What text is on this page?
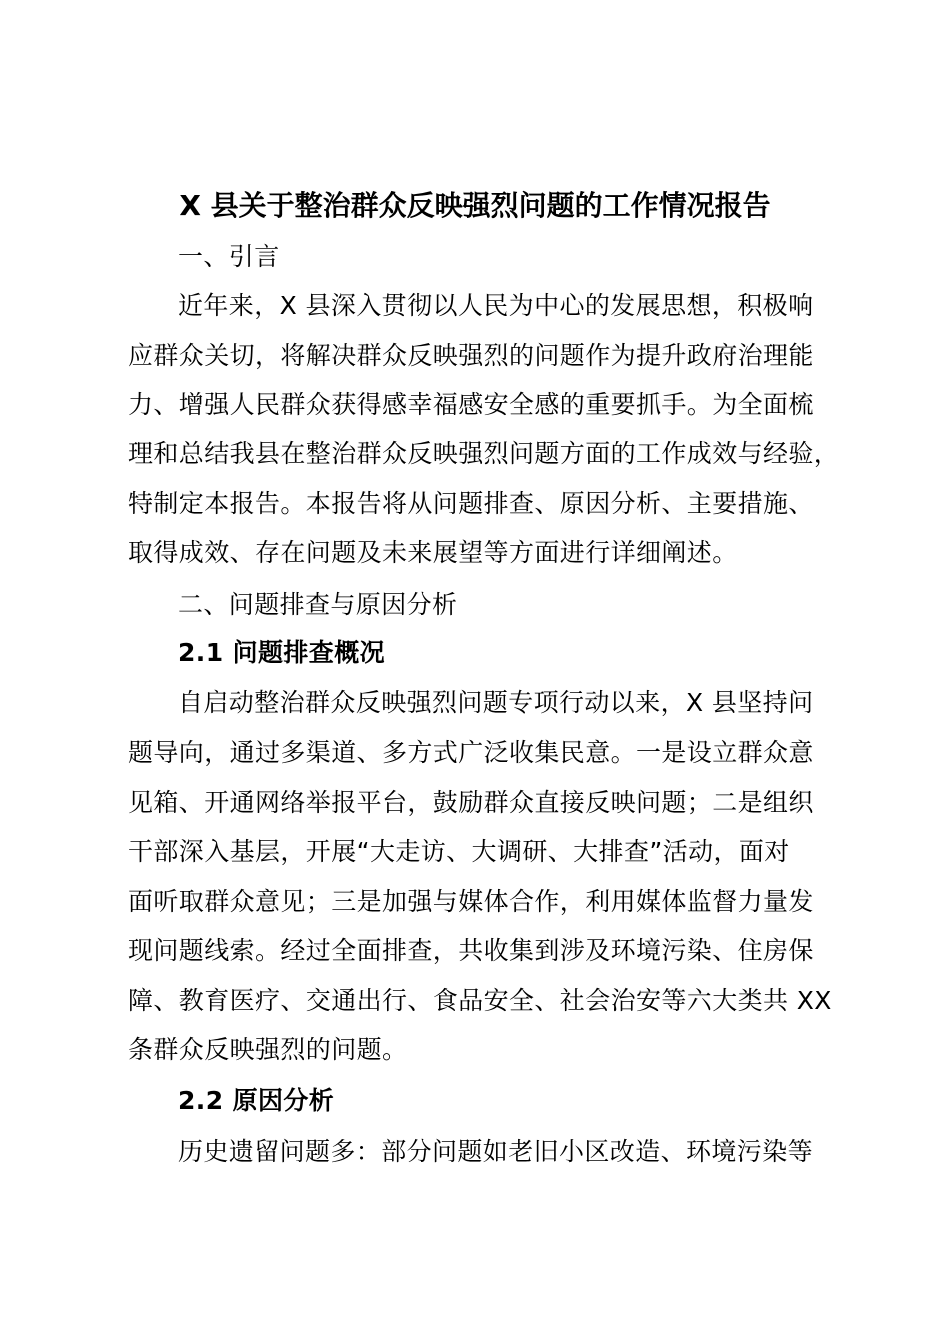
X 县关于整治群众反映强烈问题的工作情况报告

一、引言

近年来，X 县深入贯彻以人民为中心的发展思想，积极响

应群众关切，将解决群众反映强烈的问题作为提升政府治理能

力、增强人民群众获得感幸福感安全感的重要抓手。为全面梳

理和总结我县在整治群众反映强烈问题方面的工作成效与经验，

特制定本报告。本报告将从问题排查、原因分析、主要措施、

取得成效、存在问题及未来展望等方面进行详细阐述。

二、问题排查与原因分析

2.1 问题排查概况

自启动整治群众反映强烈问题专项行动以来，X 县坚持问

题导向，通过多渠道、多方式广泛收集民意。一是设立群众意

见箱、开通网络举报平台，鼓励群众直接反映问题；二是组织

干部深入基层，开展“大走访、大调研、大排查”活动，面对

面听取群众意见；三是加强与媒体合作，利用媒体监督力量发

现问题线索。经过全面排查，共收集到涉及环境污染、住房保

障、教育医疗、交通出行、食品安全、社会治安等六大类共 XX

条群众反映强烈的问题。

2.2 原因分析

历史遗留问题多：部分问题如老旧小区改造、环境污染等
